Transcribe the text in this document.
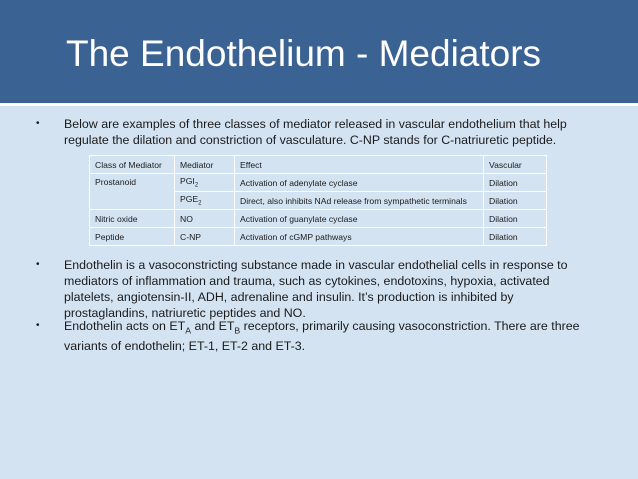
The Endothelium - Mediators
• Below are examples of three classes of mediator released in vascular endothelium that help regulate the dilation and constriction of vasculature. C-NP stands for C-natriuretic peptide.
Class of Mediator	Mediator	Effect	Vascular
Prostanoid	$PGI_2$	Activation of adenylate cyclase	Dilation
	$PGE_2$	Direct, also inhibits NAd release from sympathetic terminals	Dilation
Nitric oxide	NO	Activation of guanylate cyclase	Dilation
Peptide	C-NP	Activation of cGMP pathways	Dilation
• Endothelin is a vasoconstricting substance made in vascular endothelial cells in response to mediators of inflammation and trauma, such as cytokines, endotoxins, hypoxia, activated platelets, angiotensin-II, ADH, adrenaline and insulin. It’s production is inhibited by prostaglandins, natriuretic peptides and NO.
• Endothelin acts on $ET_A$ and $ET_B$ receptors, primarily causing vasoconstriction. There are three variants of endothelin; ET-1, ET-2 and ET-3.
